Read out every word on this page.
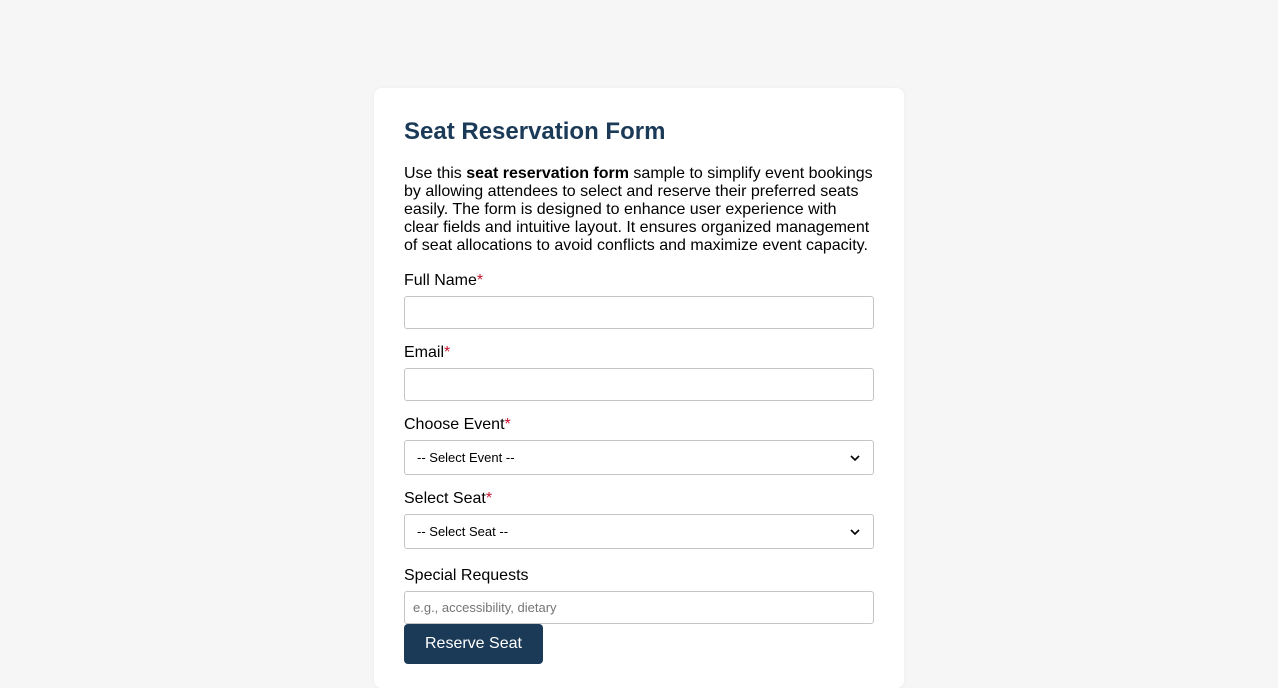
Seat Reservation Form

Use this seat reservation form sample to simplify event bookings by allowing attendees to select and reserve their preferred seats easily. The form is designed to enhance user experience with clear fields and intuitive layout. It ensures organized management of seat allocations to avoid conflicts and maximize event capacity.

Full Name*
Email*
Choose Event*
-- Select Event --
Select Seat*
-- Select Seat --
Special Requests
e.g., accessibility, dietary
Reserve Seat
